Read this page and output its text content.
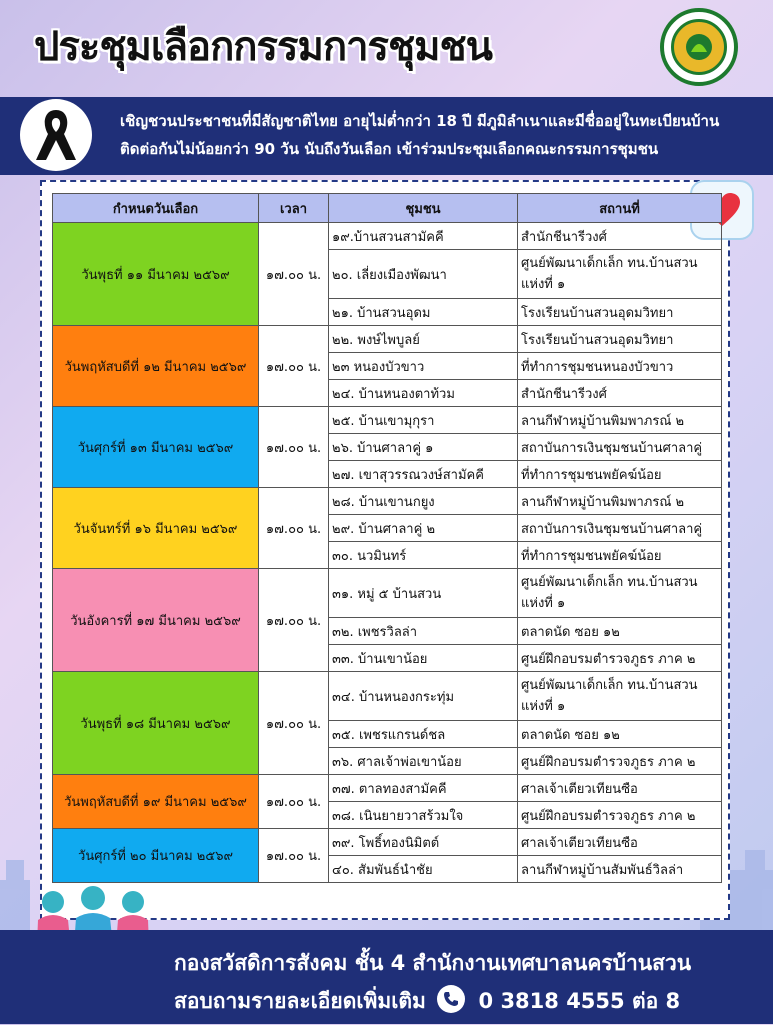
ประชุมเลือกกรรมการชุมชน
เชิญชวนประชาชนที่มีสัญชาติไทย อายุไม่ต่ำกว่า 18 ปี มีภูมิลำเนาและมีชื่ออยู่ในทะเบียนบ้าน
ติดต่อกันไม่น้อยกว่า 90 วัน นับถึงวันเลือก เข้าร่วมประชุมเลือกคณะกรรมการชุมชน
กำหนดวันเลือก	เวลา	ชุมชน	สถานที่
วันพุธที่ ๑๑ มีนาคม ๒๕๖๙	๑๗.๐๐ น.	๑๙.บ้านสวนสามัคคี	สำนักชีนารีวงศ์
		๒๐. เลี่ยงเมืองพัฒนา	ศูนย์พัฒนาเด็กเล็ก ทน.บ้านสวน แห่งที่ ๑
		๒๑. บ้านสวนอุดม	โรงเรียนบ้านสวนอุดมวิทยา
วันพฤหัสบดีที่ ๑๒ มีนาคม ๒๕๖๙	๑๗.๐๐ น.	๒๒. พงษ์ไพบูลย์	โรงเรียนบ้านสวนอุดมวิทยา
		๒๓ หนองบัวขาว	ที่ทำการชุมชนหนองบัวขาว
		๒๔. บ้านหนองตาท้วม	สำนักชีนารีวงศ์
วันศุกร์ที่ ๑๓ มีนาคม ๒๕๖๙	๑๗.๐๐ น.	๒๕. บ้านเขามุกุรา	ลานกีฬาหมู่บ้านพิมพาภรณ์ ๒
		๒๖. บ้านศาลาคู่ ๑	สถาบันการเงินชุมชนบ้านศาลาคู่
		๒๗. เขาสุวรรณวงษ์สามัคคี	ที่ทำการชุมชนพยัคฆ์น้อย
วันจันทร์ที่ ๑๖ มีนาคม ๒๕๖๙	๑๗.๐๐ น.	๒๘. บ้านเขานกยูง	ลานกีฬาหมู่บ้านพิมพาภรณ์ ๒
		๒๙. บ้านศาลาคู่ ๒	สถาบันการเงินชุมชนบ้านศาลาคู่
		๓๐. นวมินทร์	ที่ทำการชุมชนพยัคฆ์น้อย
วันอังคารที่ ๑๗ มีนาคม ๒๕๖๙	๑๗.๐๐ น.	๓๑. หมู่ ๕ บ้านสวน	ศูนย์พัฒนาเด็กเล็ก ทน.บ้านสวน แห่งที่ ๑
		๓๒. เพชรวิลล่า	ตลาดนัด ซอย ๑๒
		๓๓. บ้านเขาน้อย	ศูนย์ฝึกอบรมตำรวจภูธร ภาค ๒
วันพุธที่ ๑๘ มีนาคม ๒๕๖๙	๑๗.๐๐ น.	๓๔. บ้านหนองกระทุ่ม	ศูนย์พัฒนาเด็กเล็ก ทน.บ้านสวน แห่งที่ ๑
		๓๕. เพชรแกรนด์ชล	ตลาดนัด ซอย ๑๒
		๓๖. ศาลเจ้าพ่อเขาน้อย	ศูนย์ฝึกอบรมตำรวจภูธร ภาค ๒
วันพฤหัสบดีที่ ๑๙ มีนาคม ๒๕๖๙	๑๗.๐๐ น.	๓๗. ตาลทองสามัคคี	ศาลเจ้าเตียวเทียนซือ
		๓๘. เนินยายวาสร้วมใจ	ศูนย์ฝึกอบรมตำรวจภูธร ภาค ๒
วันศุกร์ที่ ๒๐ มีนาคม ๒๕๖๙	๑๗.๐๐ น.	๓๙. โพธิ์ทองนิมิตต์	ศาลเจ้าเตียวเทียนซือ
		๔๐. สัมพันธ์นำชัย	ลานกีฬาหมู่บ้านสัมพันธ์วิลล่า
กองสวัสดิการสังคม ชั้น 4 สำนักงานเทศบาลนครบ้านสวน
สอบถามรายละเอียดเพิ่มเติม	0 3818 4555 ต่อ 8
